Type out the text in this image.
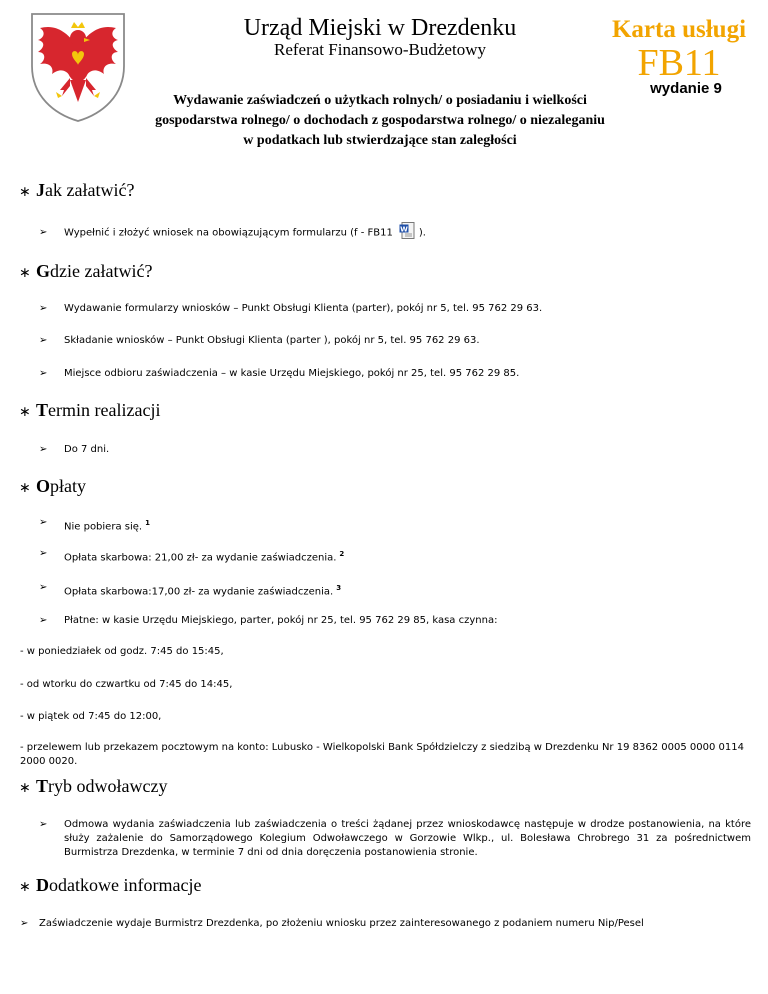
Urząd Miejski w Drezdenku
Referat Finansowo-Budżetowy
Karta usługi
FB11
wydanie 9
Wydawanie zaświadczeń o użytkach rolnych/ o posiadaniu i wielkości
gospodarstwa rolnego/ o dochodach z gospodarstwa rolnego/ o niezaleganiu
w podatkach lub stwierdzające stan zaległości
∗ J ak załatwić?
➢	Wypełnić i złożyć wniosek na obowiązującym formularzu (f - FB11 W ).
∗ G dzie załatwić?
➢	Wydawanie formularzy wniosków – Punkt Obsługi Klienta (parter), pokój nr 5, tel. 95 762 29 63.
➢	Składanie wniosków – Punkt Obsługi Klienta (parter ), pokój nr 5, tel. 95 762 29 63.
➢	Miejsce odbioru zaświadczenia – w kasie Urzędu Miejskiego, pokój nr 25, tel. 95 762 29 85.
∗ T ermin realizacji
➢	Do 7 dni.
∗ O płaty
➢	Nie pobiera się. $^1$
➢	Opłata skarbowa: 21,00 zł- za wydanie zaświadczenia. $^2$
➢	Opłata skarbowa:17,00 zł- za wydanie zaświadczenia. $^3$
➢	Płatne: w kasie Urzędu Miejskiego, parter, pokój nr 25, tel. 95 762 29 85, kasa czynna:
- w poniedziałek od godz. 7:45 do 15:45,
- od wtorku do czwartku od 7:45 do 14:45,
- w piątek od 7:45 do 12:00,
- przelewem lub przekazem pocztowym na konto: Lubusko - Wielkopolski Bank Spółdzielczy z siedzibą w Drezdenku Nr 19 8362 0005 0000 0114 2000 0020.
∗ T ryb odwoławczy
➢	Odmowa wydania zaświadczenia lub zaświadczenia o treści żądanej przez wnioskodawcę następuje w drodze postanowienia, na które służy zażalenie do Samorządowego Kolegium Odwoławczego w Gorzowie Wlkp., ul. Bolesława Chrobrego 31 za pośrednictwem Burmistrza Drezdenka, w terminie 7 dni od dnia doręczenia postanowienia stronie.
∗ D odatkowe informacje
➢	Zaświadczenie wydaje Burmistrz Drezdenka, po złożeniu wniosku przez zainteresowanego z podaniem numeru Nip/Pesel
